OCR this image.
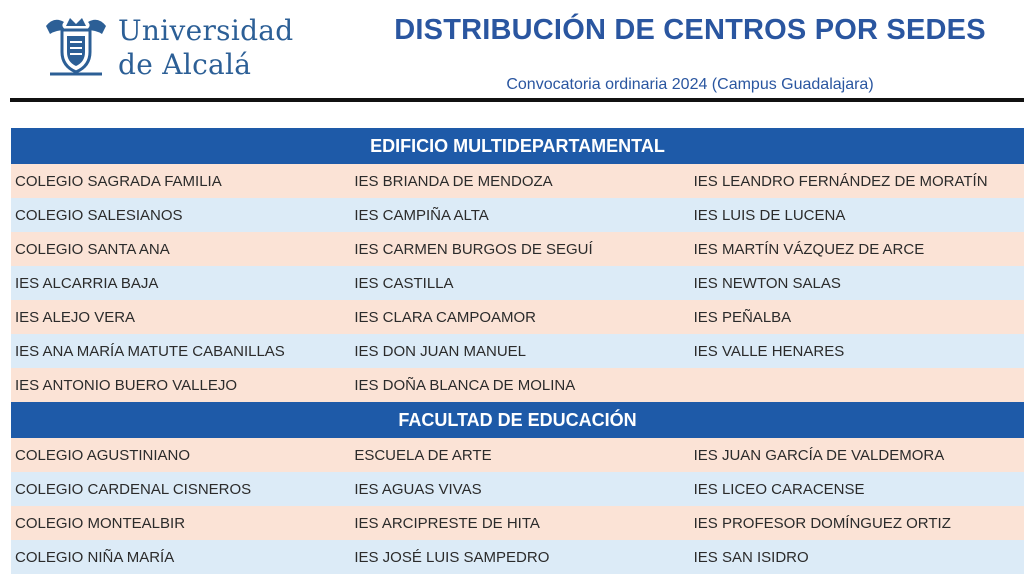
Universidad
de Alcalá
DISTRIBUCIÓN DE CENTROS POR SEDES
Convocatoria ordinaria 2024 (Campus Guadalajara)
EDIFICIO MULTIDEPARTAMENTAL
COLEGIO SAGRADA FAMILIA	IES BRIANDA DE MENDOZA	IES LEANDRO FERNÁNDEZ DE MORATÍN
COLEGIO SALESIANOS	IES CAMPIÑA ALTA	IES LUIS DE LUCENA
COLEGIO SANTA ANA	IES CARMEN BURGOS DE SEGUÍ	IES MARTÍN VÁZQUEZ DE ARCE
IES ALCARRIA BAJA	IES CASTILLA	IES NEWTON SALAS
IES ALEJO VERA	IES CLARA CAMPOAMOR	IES PEÑALBA
IES ANA MARÍA MATUTE CABANILLAS	IES DON JUAN MANUEL	IES VALLE HENARES
IES ANTONIO BUERO VALLEJO	IES DOÑA BLANCA DE MOLINA
FACULTAD DE EDUCACIÓN
COLEGIO AGUSTINIANO	ESCUELA DE ARTE	IES JUAN GARCÍA DE VALDEMORA
COLEGIO CARDENAL CISNEROS	IES AGUAS VIVAS	IES LICEO CARACENSE
COLEGIO MONTEALBIR	IES ARCIPRESTE DE HITA	IES PROFESOR DOMÍNGUEZ ORTIZ
COLEGIO NIÑA MARÍA	IES JOSÉ LUIS SAMPEDRO	IES SAN ISIDRO
